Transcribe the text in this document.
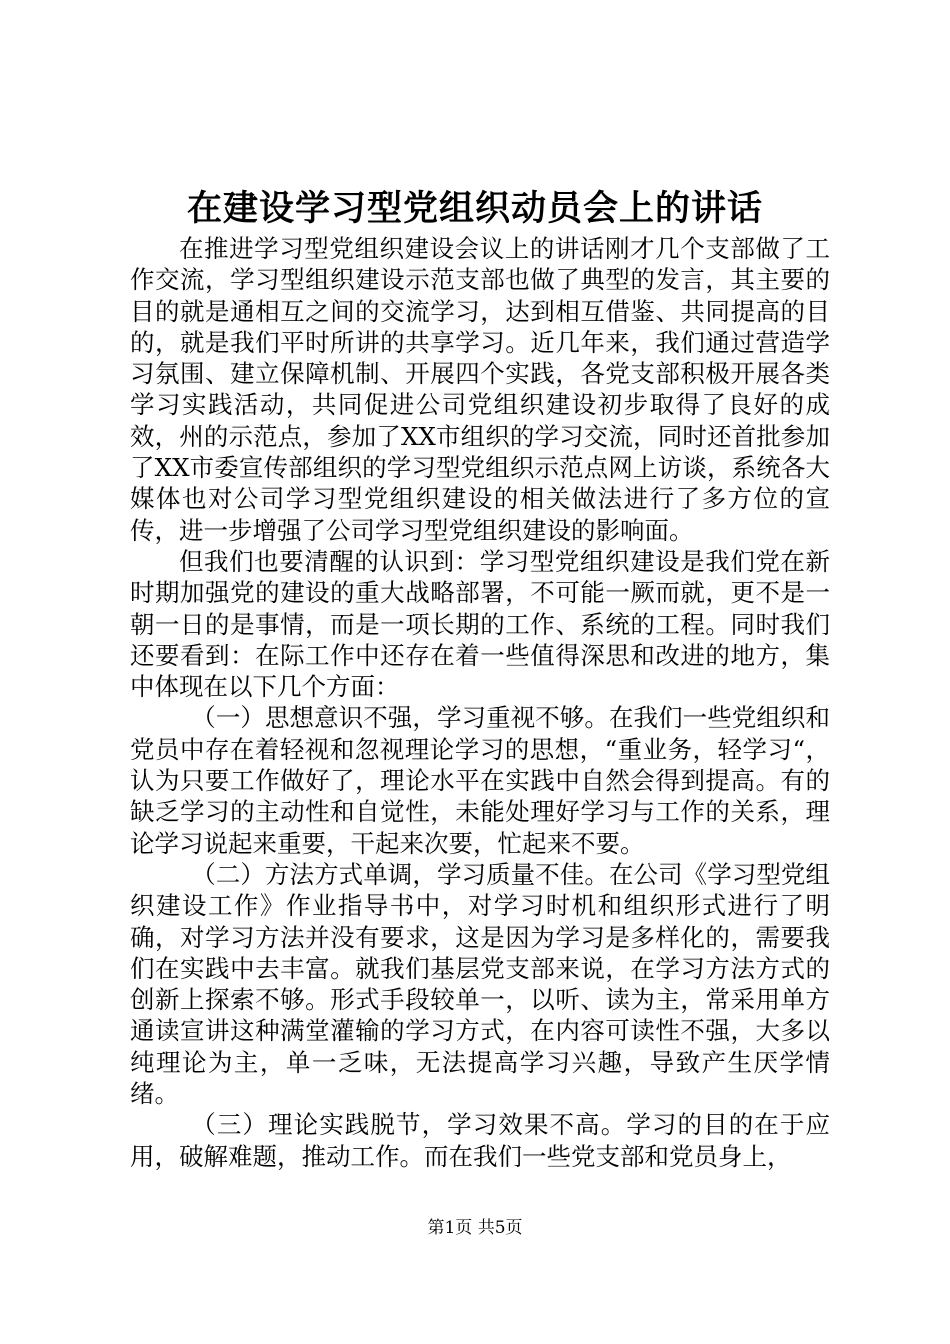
在建设学习型党组织动员会上的讲话

在推进学习型党组织建设会议上的讲话刚才几个支部做了工作交流，学习型组织建设示范支部也做了典型的发言，其主要的目的就是通相互之间的交流学习，达到相互借鉴、共同提高的目的，就是我们平时所讲的共享学习。近几年来，我们通过营造学习氛围、建立保障机制、开展四个实践，各党支部积极开展各类学习实践活动，共同促进公司党组织建设初步取得了良好的成效，州的示范点，参加了XX市组织的学习交流，同时还首批参加了XX市委宣传部组织的学习型党组织示范点网上访谈，系统各大媒体也对公司学习型党组织建设的相关做法进行了多方位的宣传，进一步增强了公司学习型党组织建设的影响面。

但我们也要清醒的认识到：学习型党组织建设是我们党在新时期加强党的建设的重大战略部署，不可能一厥而就，更不是一朝一日的是事情，而是一项长期的工作、系统的工程。同时我们还要看到：在际工作中还存在着一些值得深思和改进的地方，集中体现在以下几个方面：

（一）思想意识不强，学习重视不够。在我们一些党组织和党员中存在着轻视和忽视理论学习的思想，“重业务，轻学习“，认为只要工作做好了，理论水平在实践中自然会得到提高。有的缺乏学习的主动性和自觉性，未能处理好学习与工作的关系，理论学习说起来重要，干起来次要，忙起来不要。

（二）方法方式单调，学习质量不佳。在公司《学习型党组织建设工作》作业指导书中，对学习时机和组织形式进行了明确，对学习方法并没有要求，这是因为学习是多样化的，需要我们在实践中去丰富。就我们基层党支部来说，在学习方法方式的创新上探索不够。形式手段较单一，以听、读为主，常采用单方通读宣讲这种满堂灌输的学习方式，在内容可读性不强，大多以纯理论为主，单一乏味，无法提高学习兴趣，导致产生厌学情绪。

（三）理论实践脱节，学习效果不高。学习的目的在于应用，破解难题，推动工作。而在我们一些党支部和党员身上，

第1页 共5页
